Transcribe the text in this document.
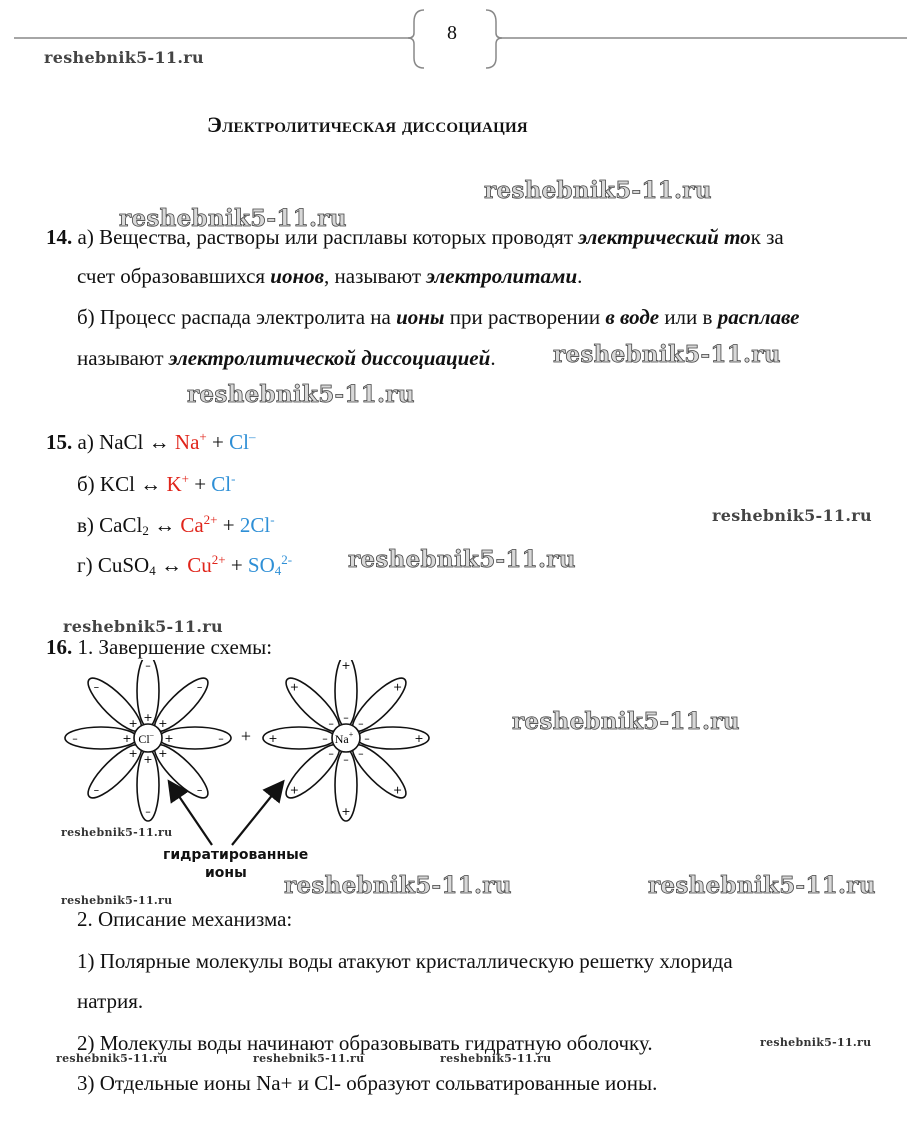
8
reshebnik5-11.ru
Электролитическая диссоциация
reshebnik5-11.ru
reshebnik5-11.ru
14. а) Вещества, растворы или расплавы которых проводят электрический ток за
счет образовавшихся ионов, называют электролитами.
б) Процесс распада электролита на ионы при растворении в воде или в расплаве
называют электролитической диссоциацией. reshebnik5-11.ru
reshebnik5-11.ru
15. а) NaCl ↔ Na+ + Cl–
б) KCl ↔ K+ + Cl-
в) CaCl$_2$ ↔ $Ca^{2+} + 2Cl^-$
г) CuSO$_4$ ↔ $Cu^{2+} + SO_4^{2-}$
reshebnik5-11.ru
reshebnik5-11.ru
reshebnik5-11.ru
16. 1. Завершение схемы:
–
+
–
+
–
+
–
+
–
+
–
+
–	+
–
+
Cl–
+
–
+
–
+
–
+
–
+
–
+
–
+	–
+
–
Na+
+
reshebnik5-11.ru
reshebnik5-11.ru
гидратированные
ионы reshebnik5-11.ru	reshebnik5-11.ru
reshebnik5-11.ru
2. Описание механизма:
1) Полярные молекулы воды атакуют кристаллическую решетку хлорида
натрия.
2) Молекулы воды начинают образовывать гидратную оболочку.	reshebnik5-11.ru
reshebnik5-11.ru	reshebnik5-11.ru	reshebnik5-11.ru
3) Отдельные ионы Na+ и Cl- образуют сольватированные ионы.
